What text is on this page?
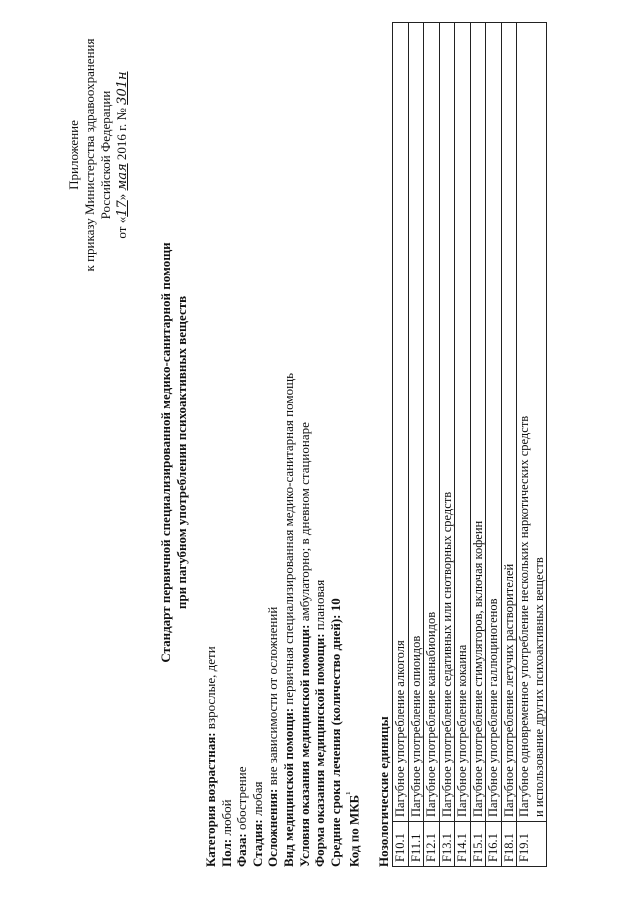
Приложение к приказу Министерства здравоохранения Российской Федерации
от «17» мая 2016 г. № 301н
Стандарт первичной специализированной медико-санитарной помощи при пагубном употреблении психоактивных веществ
Категория возрастная: взрослые, дети
Пол: любой
Фаза: обострение
Стадия: любая Осложнения: вне зависимости от осложнений Вид медицинской помощи: первичная специализированная медико-санитарная помощь
Условия оказания медицинской помощи: амбулаторно; в дневном стационаре
Форма оказания медицинской помощи: плановая
Средние сроки лечения (количество дней): 10
Код по $МКБ^{^1}$	Нозологические единицы F10.1	Пагубное употребление алкоголя
F11.1	Пагубное употребление опиоидов
F12.1	Пагубное употребление каннабиоидов
F13.1	Пагубное употребление седативных или снотворных средств
F14.1	Пагубное употребление кокаина
F15.1	Пагубное употребление стимуляторов, включая кофеин
F16.1	Пагубное употребление галлюциногенов
F18.1	Пагубное употребление летучих растворителей
F19.1	Пагубное одновременное употребление нескольких наркотических средств и использование других психоактивных веществ
